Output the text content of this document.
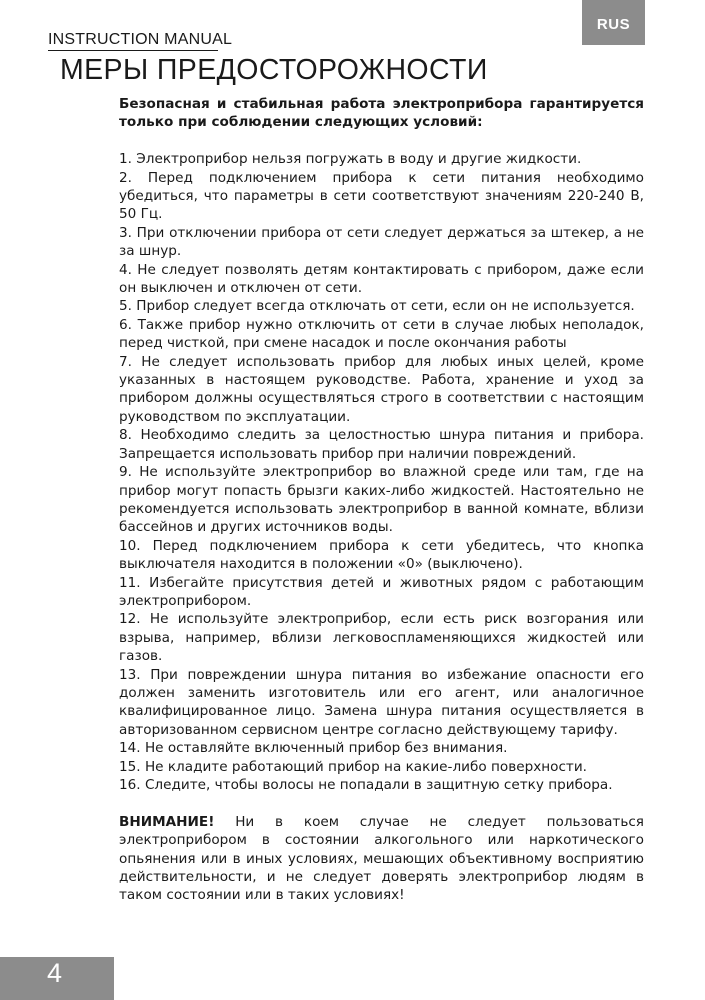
RUS
INSTRUCTION MANUAL
МЕРЫ ПРЕДОСТОРОЖНОСТИ

Безопасная и стабильная работа электроприбора гарантируется только при соблюдении следующих условий:

1. Электроприбор нельзя погружать в воду и другие жидкости.
2. Перед подключением прибора к сети питания необходимо убедиться, что параметры в сети соответствуют значениям 220-240 В, 50 Гц.
3. При отключении прибора от сети следует держаться за штекер, а не за шнур.
4. Не следует позволять детям контактировать с прибором, даже если он выключен и отключен от сети.
5. Прибор следует всегда отключать от сети, если он не используется.
6. Также прибор нужно отключить от сети в случае любых неполадок, перед чисткой, при смене насадок и после окончания работы
7. Не следует использовать прибор для любых иных целей, кроме указанных в настоящем руководстве. Работа, хранение и уход за прибором должны осуществляться строго в соответствии с настоящим руководством по эксплуатации.
8. Необходимо следить за целостностью шнура питания и прибора. Запрещается использовать прибор при наличии повреждений.
9. Не используйте электроприбор во влажной среде или там, где на прибор могут попасть брызги каких-либо жидкостей. Настоятельно не рекомендуется использовать электроприбор в ванной комнате, вблизи бассейнов и других источников воды.
10. Перед подключением прибора к сети убедитесь, что кнопка выключателя находится в положении «0» (выключено).
11. Избегайте присутствия детей и животных рядом с работающим электроприбором.
12. Не используйте электроприбор, если есть риск возгорания или взрыва, например, вблизи легковоспламеняющихся жидкостей или газов.
13. При повреждении шнура питания во избежание опасности его должен заменить изготовитель или его агент, или аналогичное квалифицированное лицо. Замена шнура питания осуществляется в авторизованном сервисном центре согласно действующему тарифу.
14. Не оставляйте включенный прибор без внимания.
15. Не кладите работающий прибор на какие-либо поверхности.
16. Следите, чтобы волосы не попадали в защитную сетку прибора.

ВНИМАНИЕ! Ни в коем случае не следует пользоваться электроприбором в состоянии алкогольного или наркотического опьянения или в иных условиях, мешающих объективному восприятию действительности, и не следует доверять электроприбор людям в таком состоянии или в таких условиях!

4
